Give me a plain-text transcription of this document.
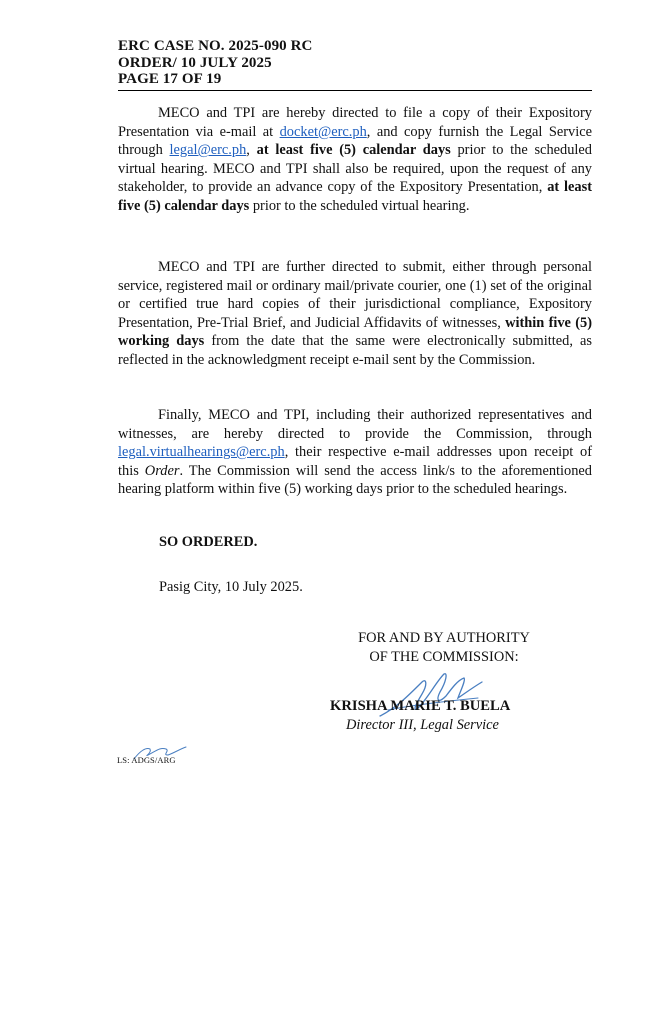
ERC CASE NO. 2025-090 RC
ORDER/ 10 JULY 2025
PAGE 17 OF 19
MECO and TPI are hereby directed to file a copy of their Expository Presentation via e-mail at docket@erc.ph, and copy furnish the Legal Service through legal@erc.ph, at least five (5) calendar days prior to the scheduled virtual hearing. MECO and TPI shall also be required, upon the request of any stakeholder, to provide an advance copy of the Expository Presentation, at least five (5) calendar days prior to the scheduled virtual hearing.
MECO and TPI are further directed to submit, either through personal service, registered mail or ordinary mail/private courier, one (1) set of the original or certified true hard copies of their jurisdictional compliance, Expository Presentation, Pre-Trial Brief, and Judicial Affidavits of witnesses, within five (5) working days from the date that the same were electronically submitted, as reflected in the acknowledgment receipt e-mail sent by the Commission.
Finally, MECO and TPI, including their authorized representatives and witnesses, are hereby directed to provide the Commission, through legal.virtualhearings@erc.ph, their respective e-mail addresses upon receipt of this Order. The Commission will send the access link/s to the aforementioned hearing platform within five (5) working days prior to the scheduled hearings.
SO ORDERED.
Pasig City, 10 July 2025.
FOR AND BY AUTHORITY
OF THE COMMISSION:
KRISHA MARIE T. BUELA
Director III, Legal Service
LS: ADGS/ARG
